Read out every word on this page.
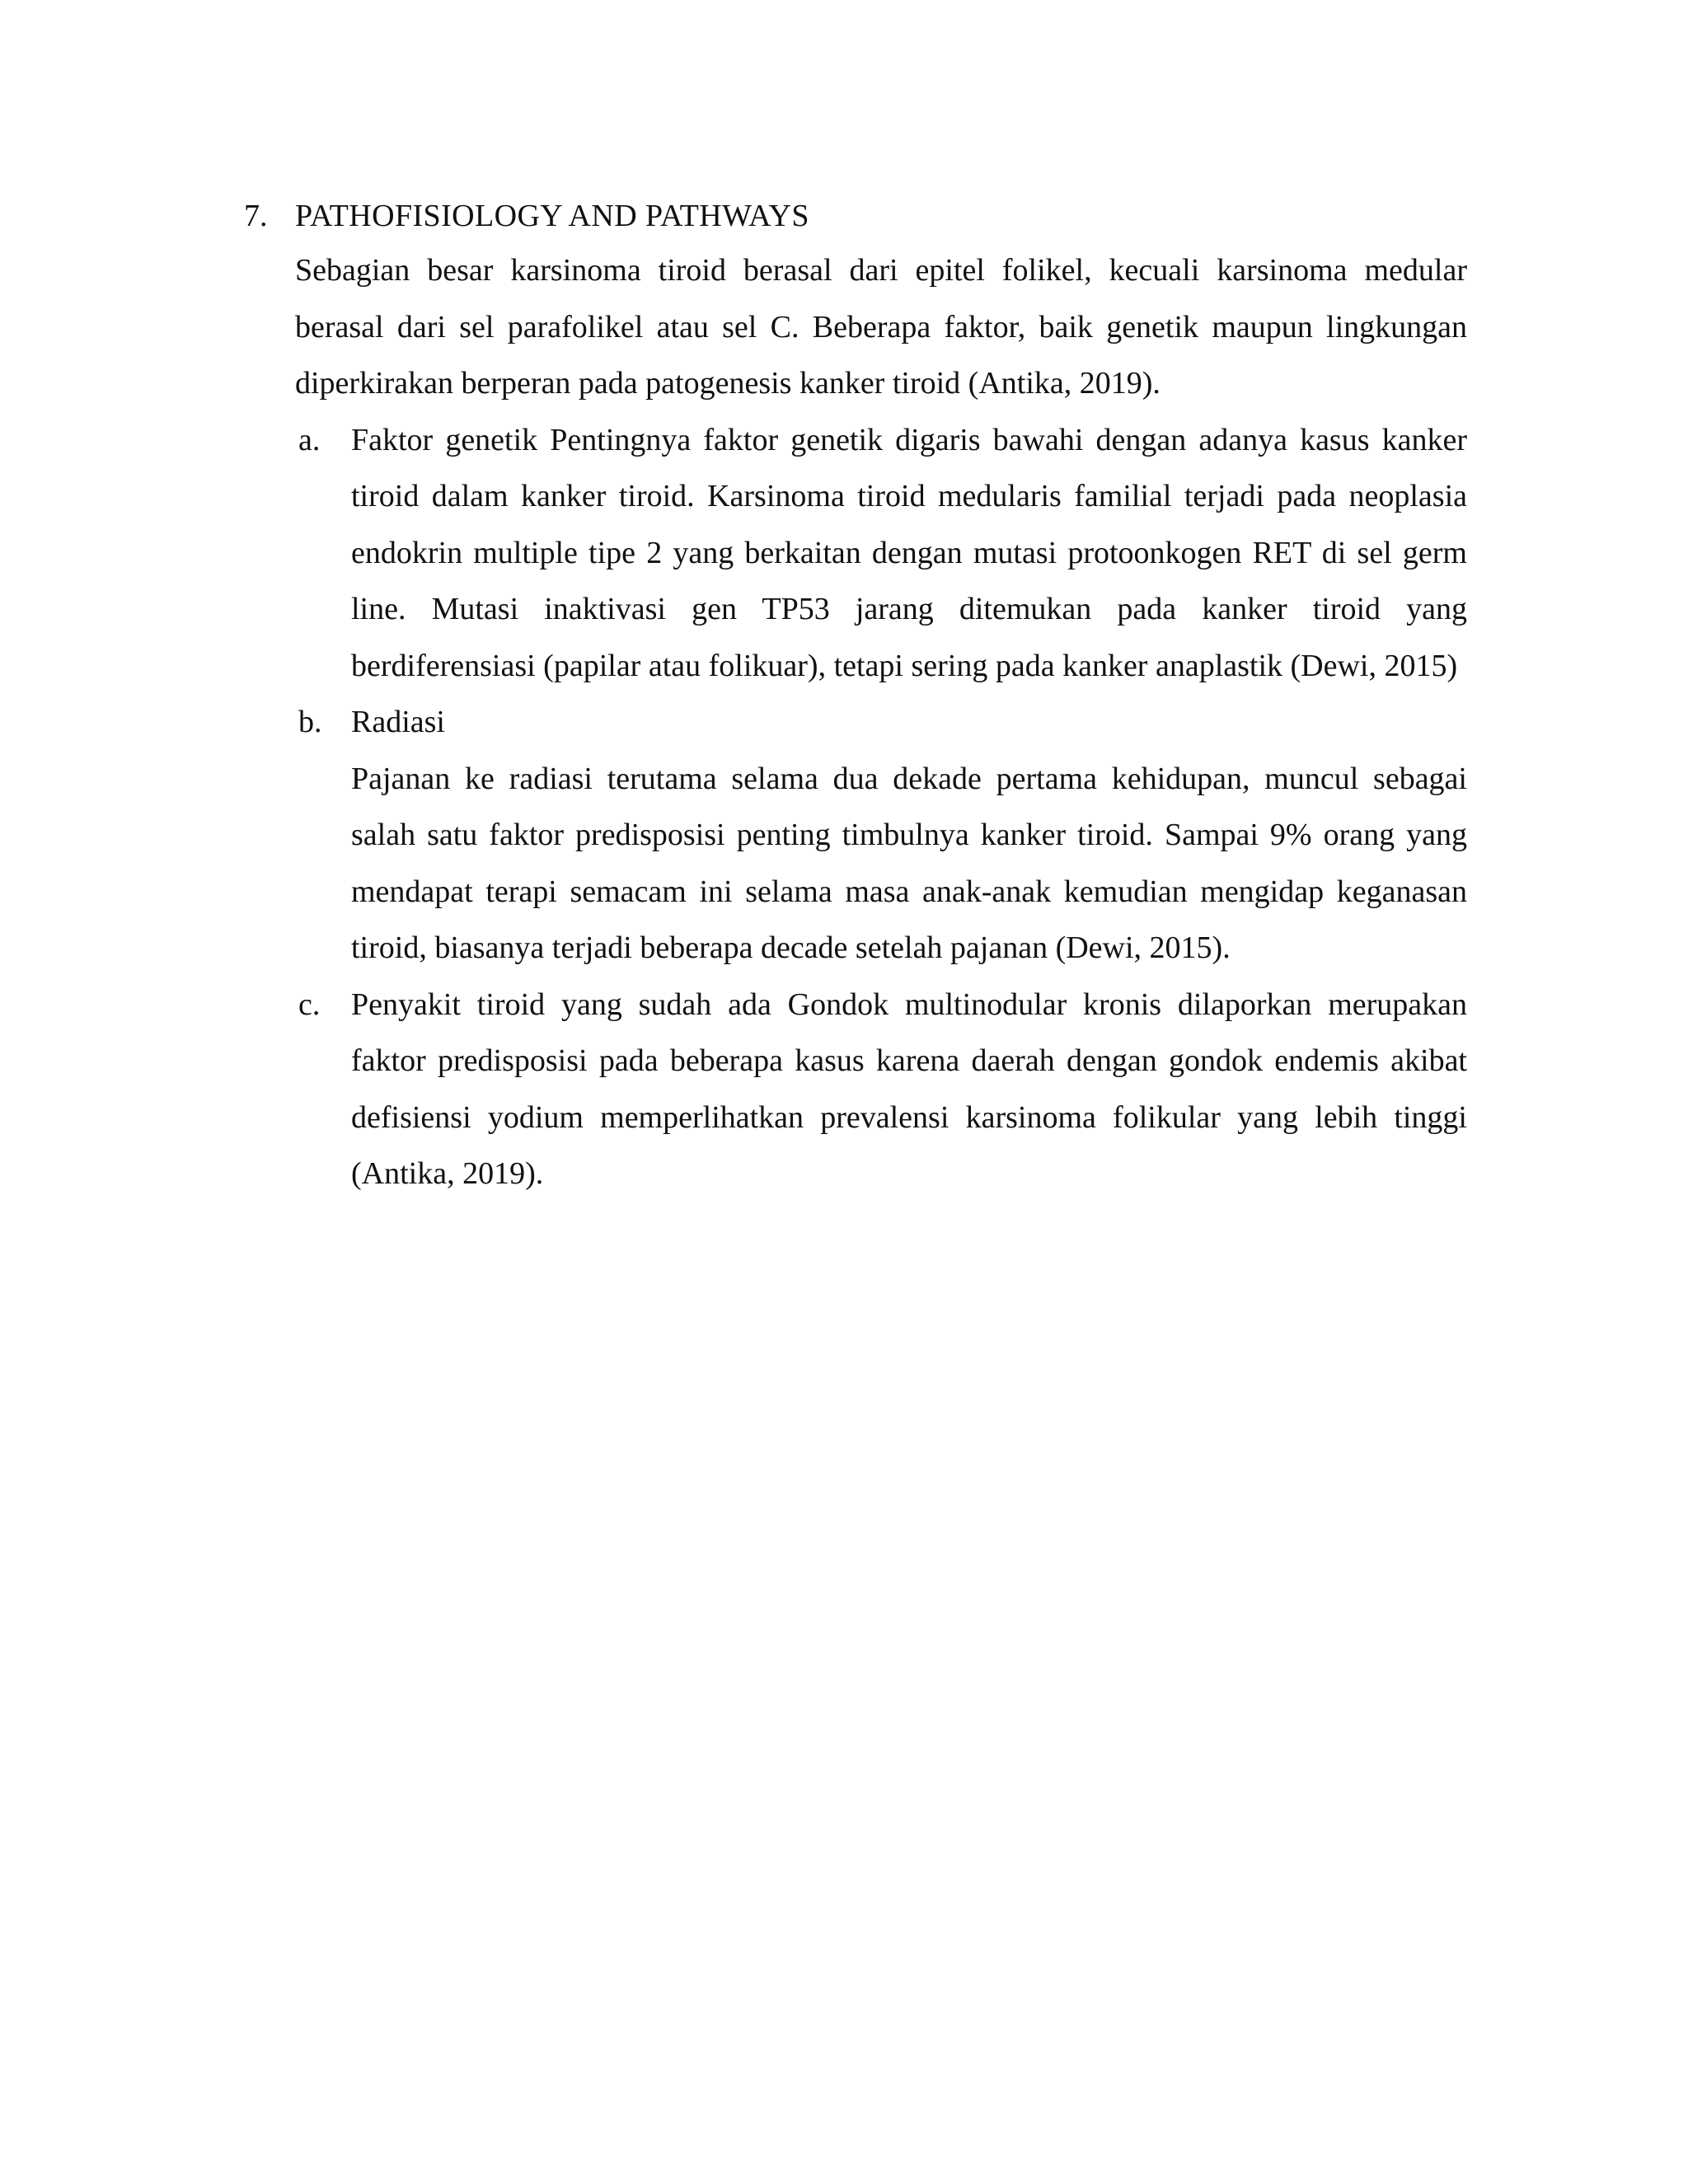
7. PATHOFISIOLOGY AND PATHWAYS

Sebagian besar karsinoma tiroid berasal dari epitel folikel, kecuali karsinoma medular berasal dari sel parafolikel atau sel C. Beberapa faktor, baik genetik maupun lingkungan diperkirakan berperan pada patogenesis kanker tiroid (Antika, 2019).

a. Faktor genetik Pentingnya faktor genetik digaris bawahi dengan adanya kasus kanker tiroid dalam kanker tiroid. Karsinoma tiroid medularis familial terjadi pada neoplasia endokrin multiple tipe 2 yang berkaitan dengan mutasi protoonkogen RET di sel germ line. Mutasi inaktivasi gen TP53 jarang ditemukan pada kanker tiroid yang berdiferensiasi (papilar atau folikuar), tetapi sering pada kanker anaplastik (Dewi, 2015)

b. Radiasi

Pajanan ke radiasi terutama selama dua dekade pertama kehidupan, muncul sebagai salah satu faktor predisposisi penting timbulnya kanker tiroid. Sampai 9% orang yang mendapat terapi semacam ini selama masa anak-anak kemudian mengidap keganasan tiroid, biasanya terjadi beberapa decade setelah pajanan (Dewi, 2015).

c. Penyakit tiroid yang sudah ada Gondok multinodular kronis dilaporkan merupakan faktor predisposisi pada beberapa kasus karena daerah dengan gondok endemis akibat defisiensi yodium memperlihatkan prevalensi karsinoma folikular yang lebih tinggi (Antika, 2019).
